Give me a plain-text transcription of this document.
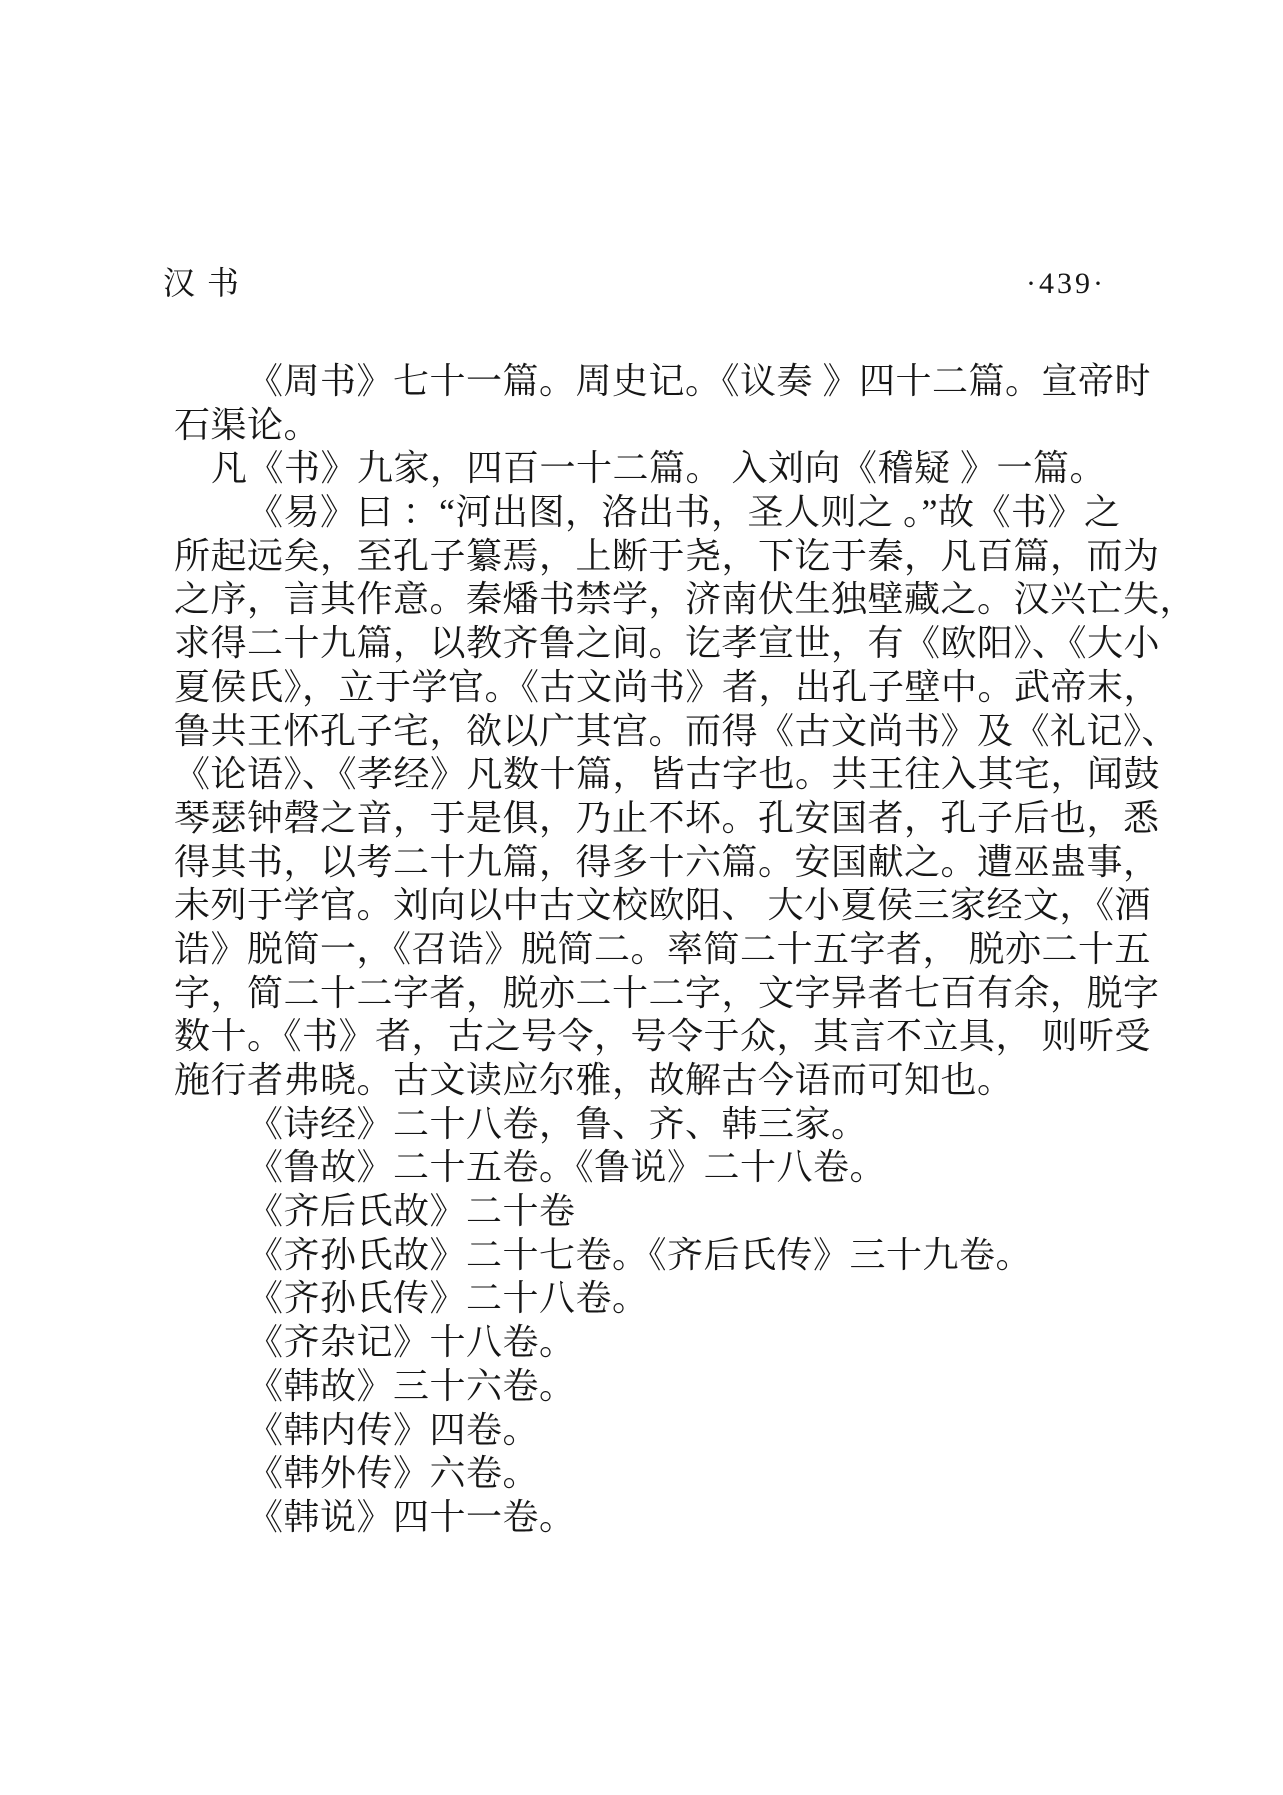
汉书	·439·
《周书》七十一篇。周史记。《议奏 》四十二篇。宣帝时
石渠论。
凡《书》九家，四百一十二篇。 入刘向《稽疑 》一篇。
《易》曰 ：“河出图，洛出书，圣人则之 。”故《书》之
所起远矣，至孔子纂焉，上断于尧，下讫于秦，凡百篇，而为
之序，言其作意。秦燔书禁学，济南伏生独壁藏之。汉兴亡失，
求得二十九篇，以教齐鲁之间。讫孝宣世，有《欧阳》、《大小
夏侯氏》，立于学官。《古文尚书》者，出孔子壁中。武帝末，
鲁共王怀孔子宅，欲以广其宫。而得《古文尚书》及《礼记》、
《论语》、《孝经》凡数十篇，皆古字也。共王往入其宅，闻鼓
琴瑟钟磬之音，于是俱，乃止不坏。孔安国者，孔子后也，悉
得其书，以考二十九篇，得多十六篇。安国献之。遭巫蛊事，
未列于学官。刘向以中古文校欧阳、 大小夏侯三家经文，《酒
诰》脱简一，《召诰》脱简二。率简二十五字者， 脱亦二十五
字，简二十二字者，脱亦二十二字，文字异者七百有余，脱字
数十。《书》者，古之号令，号令于众，其言不立具， 则听受
施行者弗晓。古文读应尔雅，故解古今语而可知也。
《诗经》二十八卷，鲁、齐、韩三家。
《鲁故》二十五卷。《鲁说》二十八卷。
《齐后氏故》二十卷
《齐孙氏故》二十七卷。《齐后氏传》三十九卷。
《齐孙氏传》二十八卷。
《齐杂记》十八卷。
《韩故》三十六卷。
《韩内传》四卷。
《韩外传》六卷。
《韩说》四十一卷。
